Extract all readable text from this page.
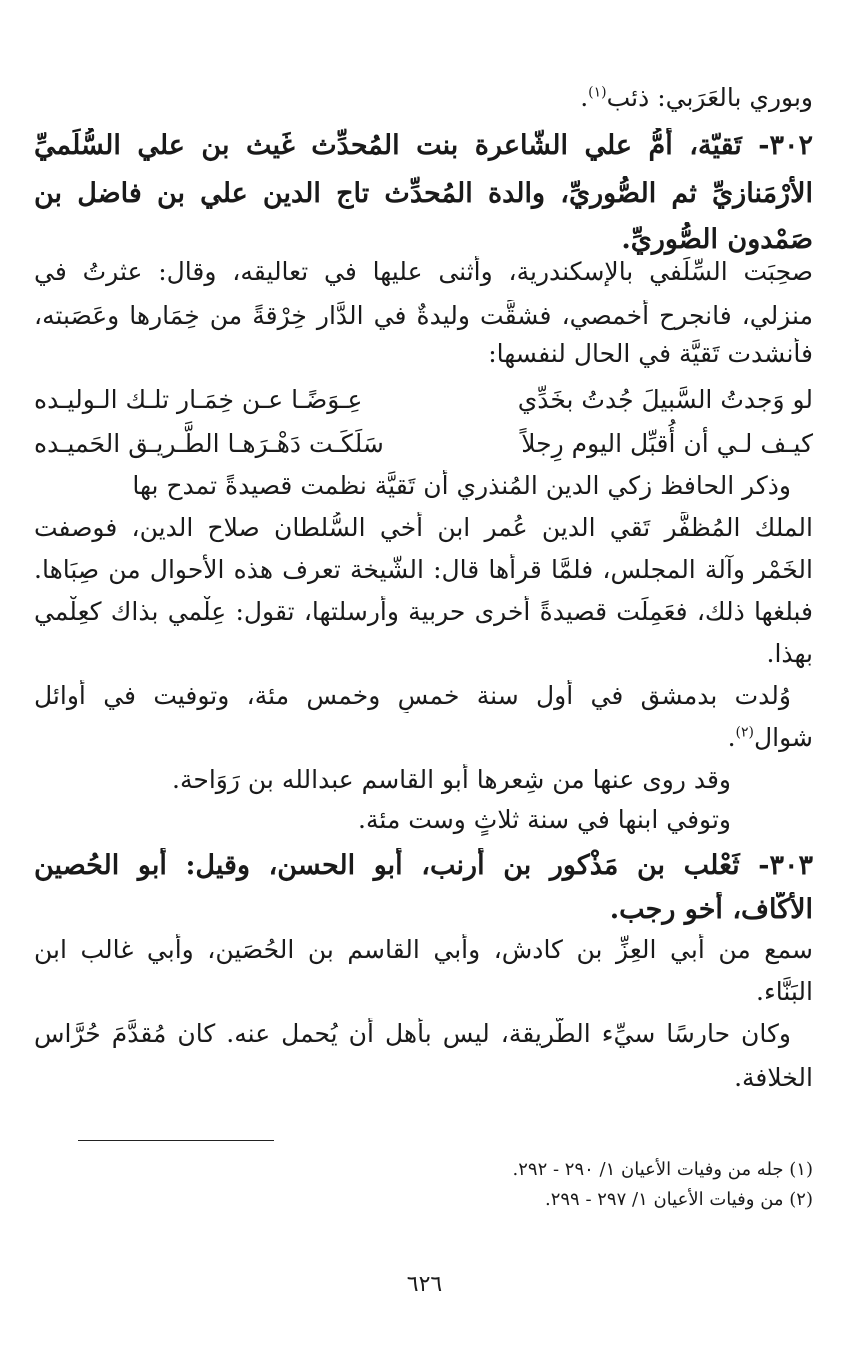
وبوري بالعَرَبي: ذئب$^{(١)}$.
٣٠٢- تَقيّة، أُمُّ علي الشّاعرة بنت المُحدِّث غَيث بن علي السُّلَميِّ
الأَرْمَنازيِّ ثم الصُّوريِّ، والدة المُحدِّث تاج الدين علي بن فاضل بن
صَمْدون الصُّوريِّ.
صحِبَت السِّلَفي بالإسكندرية، وأثنى عليها في تعاليقه، وقال: عثرتُ في
منزلي، فانجرح أخمصي، فشقَّت وليدةٌ في الدَّار خِرْقةً من خِمَارها وعَصَبته،
فأنشدت تَقيَّة في الحال لنفسها:
لو وَجدتُ السَّبيلَ جُدتُ بخَدِّي
عِـوَضًـا عـن خِمَـار تلـك الـوليـده
كيـف لـي أن أُقبِّل اليوم رِجلاً
سَلَكَـت دَهْـرَهـا الطَّـريـق الحَميـده
وذكر الحافظ زكي الدين المُنذري أن تَقيَّة نظمت قصيدةً تمدح بها
الملك المُظفَّر تَقي الدين عُمر ابن أخي السُّلطان صلاح الدين، فوصفت
الخَمْر وآلة المجلس، فلمَّا قرأها قال: الشّيخة تعرف هذه الأحوال من صِبَاها.
فبلغها ذلك، فعَمِلَت قصيدةً أُخرى حربية وأرسلتها، تقول: عِلْمي بذاك كعِلْمي
بهذا.
وُلدت بدمشق في أول سنة خمسٍ وخمس مئة، وتوفيت في أوائل
شوال$^{(٢)}$.
وقد روى عنها من شِعرها أبو القاسم عبدالله بن رَوَاحة.
وتوفي ابنها في سنة ثلاثٍ وست مئة.
٣٠٣- ثَعْلب بن مَذْكور بن أرنب، أبو الحسن، وقيل: أبو الحُصين
الأَكَّاف، أخو رجب.
سمع من أبي العِزِّ بن كادش، وأبي القاسم بن الحُصَين، وأبي غالب ابن
البَنَّاء.
وكان حارسًا سيِّء الطَّريقة، ليس بأهل أن يُحمل عنه. كان مُقدَّمَ حُرَّاس
الخلافة.
(١) جله من وفيات الأعيان ١/ ٢٩٠ - ٢٩٢.
(٢) من وفيات الأعيان ١/ ٢٩٧ - ٢٩٩.
٦٢٦
